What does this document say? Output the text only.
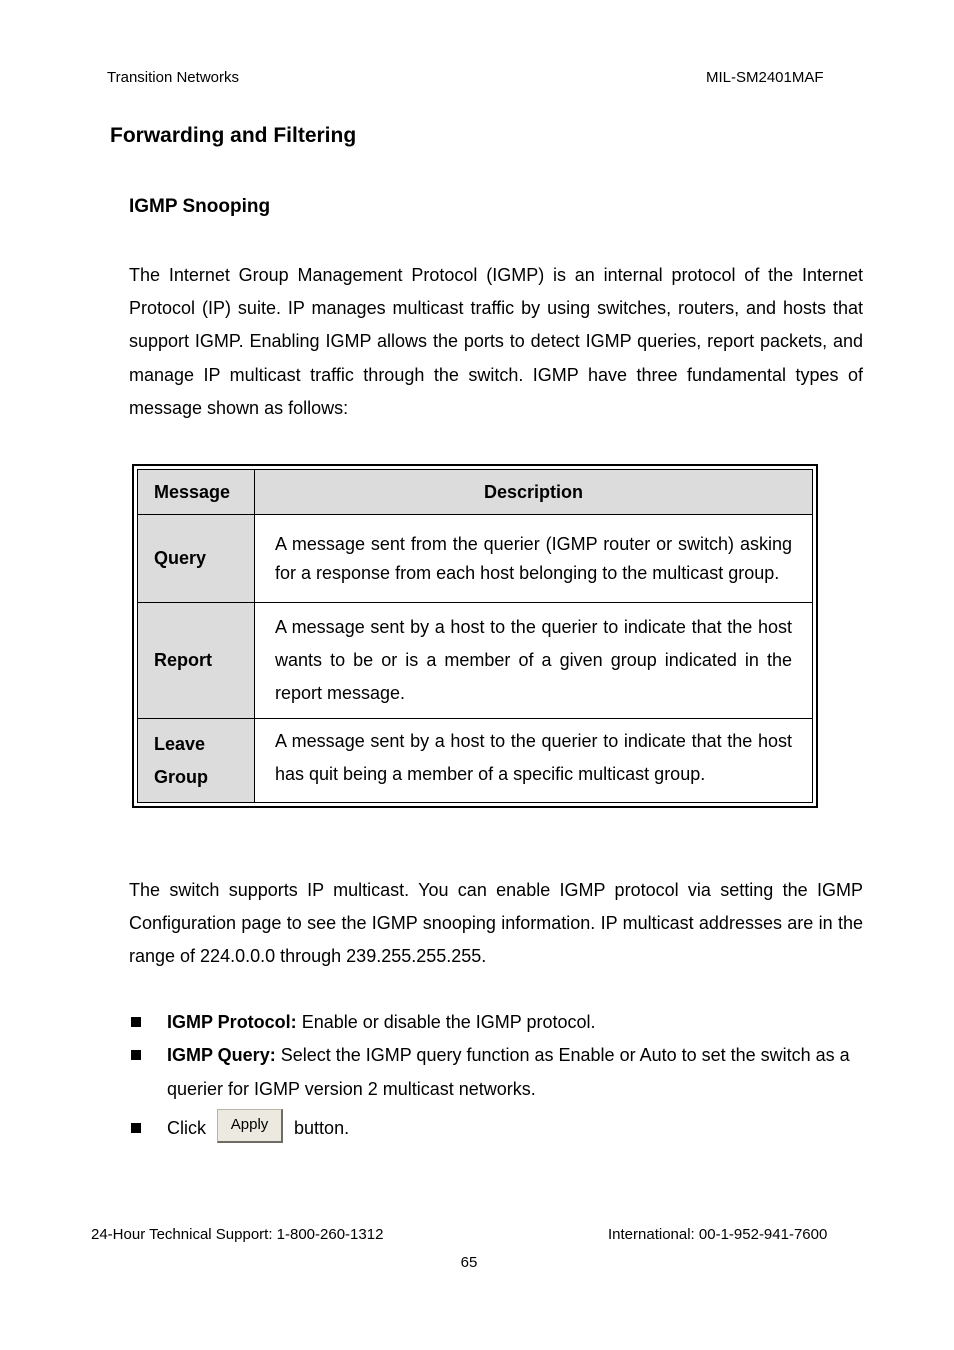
Transition Networks	MIL-SM2401MAF
Forwarding and Filtering
IGMP Snooping

The Internet Group Management Protocol (IGMP) is an internal protocol of the Internet Protocol (IP) suite. IP manages multicast traffic by using switches, routers, and hosts that support IGMP. Enabling IGMP allows the ports to detect IGMP queries, report packets, and manage IP multicast traffic through the switch. IGMP have three fundamental types of message shown as follows:

Message	Description
Query	A message sent from the querier (IGMP router or switch) asking for a response from each host belonging to the multicast group.
Report	A message sent by a host to the querier to indicate that the host wants to be or is a member of a given group indicated in the report message.
Leave Group	A message sent by a host to the querier to indicate that the host has quit being a member of a specific multicast group.

The switch supports IP multicast. You can enable IGMP protocol via setting the IGMP Configuration page to see the IGMP snooping information. IP multicast addresses are in the range of 224.0.0.0 through 239.255.255.255.

IGMP Protocol: Enable or disable the IGMP protocol.
IGMP Query: Select the IGMP query function as Enable or Auto to set the switch as a querier for IGMP version 2 multicast networks.
Click Apply button.
24-Hour Technical Support: 1-800-260-1312	International: 00-1-952-941-7600
65
